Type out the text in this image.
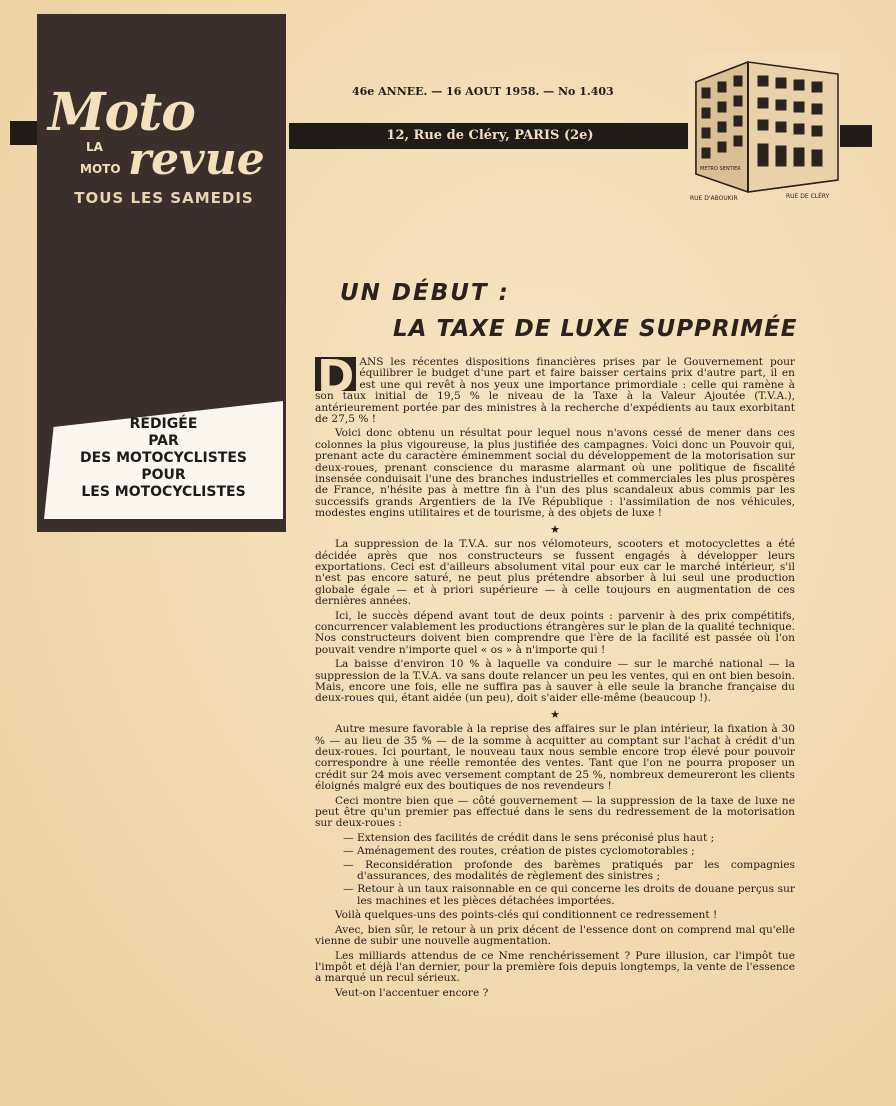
Moto
LA
MOTO revue
TOUS LES SAMEDIS
RÉDIGÉE
PAR
DES MOTOCYCLISTES
POUR
LES MOTOCYCLISTES
12, Rue de Cléry, PARIS (2e)
46e ANNEE. — 16 AOUT 1958. — No 1.403
RUE D'ABOUKIR	RUE DE CLÉRY
METRO SENTIER
UN DÉBUT :
LA TAXE DE LUXE SUPPRIMÉE

D ANS les récentes dispositions financières prises par le Gouvernement pour équilibrer le budget d'une part et faire baisser certains prix d'autre part, il en est une qui revêt à nos yeux une importance primordiale : celle qui ramène à son taux initial de 19,5 % le niveau de la Taxe à la Valeur Ajoutée (T.V.A.), antérieurement portée par des ministres à la recherche d'expédients au taux exorbitant de 27,5 % !

Voici donc obtenu un résultat pour lequel nous n'avons cessé de mener dans ces colonnes la plus vigoureuse, la plus justifiée des campagnes. Voici donc un Pouvoir qui, prenant acte du caractère éminemment social du développement de la motorisation sur deux-roues, prenant conscience du marasme alarmant où une politique de fiscalité insensée conduisait l'une des branches industrielles et commerciales les plus prospères de France, n'hésite pas à mettre fin à l'un des plus scandaleux abus commis par les successifs grands Argentiers de la IVe République : l'assimilation de nos véhicules, modestes engins utilitaires et de tourisme, à des objets de luxe !

★

La suppression de la T.V.A. sur nos vélomoteurs, scooters et motocyclettes a été décidée après que nos constructeurs se fussent engagés à développer leurs exportations. Ceci est d'ailleurs absolument vital pour eux car le marché intérieur, s'il n'est pas encore saturé, ne peut plus prétendre absorber à lui seul une production globale égale — et à priori supérieure — à celle toujours en augmentation de ces dernières années.

Ici, le succès dépend avant tout de deux points : parvenir à des prix compétitifs, concurrencer valablement les productions étrangères sur le plan de la qualité technique. Nos constructeurs doivent bien comprendre que l'ère de la facilité est passée où l'on pouvait vendre n'importe quel « os » à n'importe qui !

La baisse d'environ 10 % à laquelle va conduire — sur le marché national — la suppression de la T.V.A. va sans doute relancer un peu les ventes, qui en ont bien besoin. Mais, encore une fois, elle ne suffira pas à sauver à elle seule la branche française du deux-roues qui, étant aidée (un peu), doit s'aider elle-même (beaucoup !).

★

Autre mesure favorable à la reprise des affaires sur le plan intérieur, la fixation à 30 % — au lieu de 35 % — de la somme à acquitter au comptant sur l'achat à crédit d'un deux-roues. Ici pourtant, le nouveau taux nous semble encore trop élevé pour pouvoir correspondre à une réelle remontée des ventes. Tant que l'on ne pourra proposer un crédit sur 24 mois avec versement comptant de 25 %, nombreux demeureront les clients éloignés malgré eux des boutiques de nos revendeurs !

Ceci montre bien que — côté gouvernement — la suppression de la taxe de luxe ne peut être qu'un premier pas effectué dans le sens du redressement de la motorisation sur deux-roues :

— Extension des facilités de crédit dans le sens préconisé plus haut ;
— Aménagement des routes, création de pistes cyclomotorables ;
— Reconsidération profonde des barèmes pratiqués par les compagnies d'assurances, des modalités de règlement des sinistres ;
— Retour à un taux raisonnable en ce qui concerne les droits de douane perçus sur les machines et les pièces détachées importées.

Voilà quelques-uns des points-clés qui conditionnent ce redressement !

Avec, bien sûr, le retour à un prix décent de l'essence dont on comprend mal qu'elle vienne de subir une nouvelle augmentation.

Les milliards attendus de ce Nme renchérissement ? Pure illusion, car l'impôt tue l'impôt et déjà l'an dernier, pour la première fois depuis longtemps, la vente de l'essence a marqué un recul sérieux.

Veut-on l'accentuer encore ?
